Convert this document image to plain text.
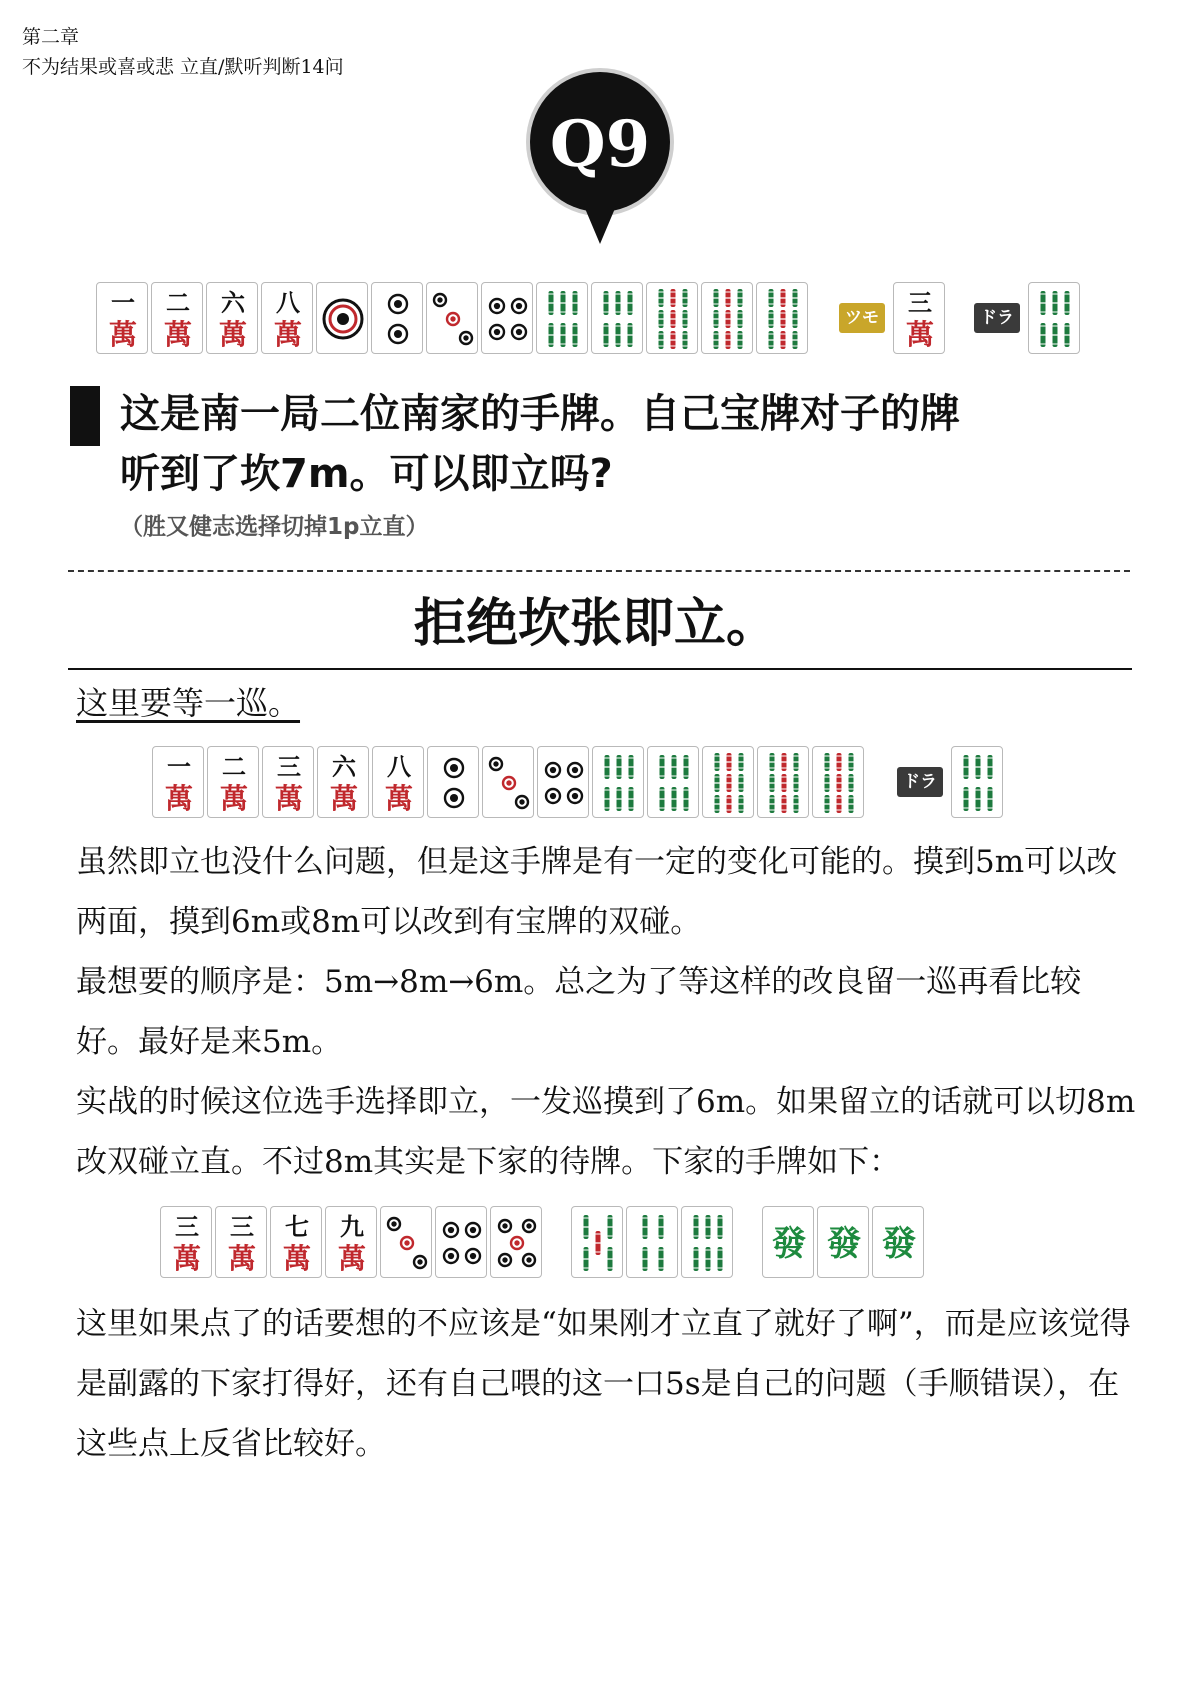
第二章
不为结果或喜或悲 立直/默听判断14问
Q9
一
萬
二
萬
六
萬
八
萬	ツモ
三
萬	ドラ
这是南一局二位南家的手牌。自己宝牌对子的牌
听到了坎7m。可以即立吗?
（胜又健志选择切掉1p立直）
拒绝坎张即立。
这里要等一巡。
一
萬
二
萬
三
萬
六
萬
八
萬	ドラ
虽然即立也没什么问题，但是这手牌是有一定的变化可能的。摸到5m可以改两面，摸到6m或8m可以改到有宝牌的双碰。
最想要的顺序是：5m→8m→6m。总之为了等这样的改良留一巡再看比较好。最好是来5m。
实战的时候这位选手选择即立，一发巡摸到了6m。如果留立的话就可以切8m改双碰立直。不过8m其实是下家的待牌。下家的手牌如下：
三
萬
三
萬
七
萬
九
萬	發 發 發
这里如果点了的话要想的不应该是“如果刚才立直了就好了啊”，而是应该觉得是副露的下家打得好，还有自己喂的这一口5s是自己的问题（手顺错误），在这些点上反省比较好。
